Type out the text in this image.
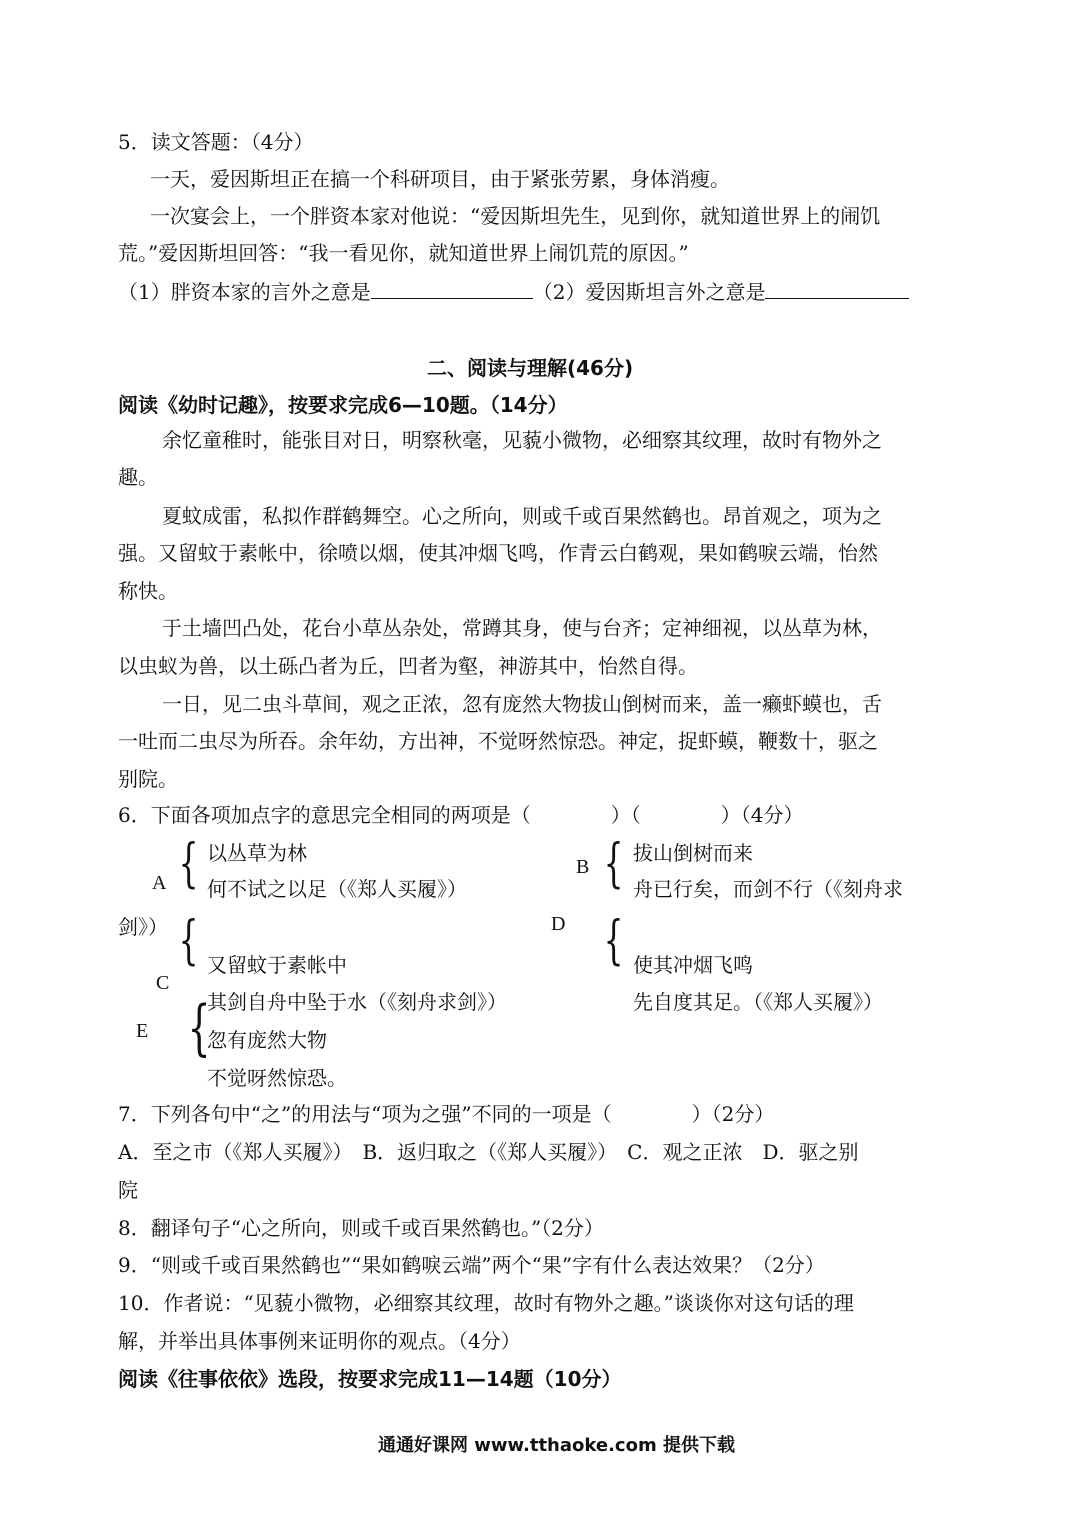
5．读文答题：（4分）
一天，爱因斯坦正在搞一个科研项目，由于紧张劳累，身体消瘦。
一次宴会上，一个胖资本家对他说：“爱因斯坦先生，见到你，就知道世界上的闹饥
荒。”爱因斯坦回答：“我一看见你，就知道世界上闹饥荒的原因。”
（1）胖资本家的言外之意是	（2）爱因斯坦言外之意是
二、阅读与理解(46分)
阅读《幼时记趣》，按要求完成6—10题。（14分）
余忆童稚时，能张目对日，明察秋毫，见藐小微物，必细察其纹理，故时有物外之
趣。
夏蚊成雷，私拟作群鹤舞空。心之所向，则或千或百果然鹤也。昂首观之，项为之
强。又留蚊于素帐中，徐喷以烟，使其冲烟飞鸣，作青云白鹤观，果如鹤唳云端，怡然
称快。
于土墙凹凸处，花台小草丛杂处，常蹲其身，使与台齐；定神细视，以丛草为林，
以虫蚁为兽，以土砾凸者为丘，凹者为壑，神游其中，怡然自得。
一日，见二虫斗草间，观之正浓，忽有庞然大物拔山倒树而来，盖一癞虾蟆也，舌
一吐而二虫尽为所吞。余年幼，方出神，不觉呀然惊恐。神定，捉虾蟆，鞭数十，驱之
别院。
6．下面各项加点字的意思完全相同的两项是（　　　　）（　　　　）（4分）
A { 以丛草为林
何不试之以足（《郑人买履》）
B { 拔山倒树而来
舟已行矣，而剑不行（《刻舟求
剑》） { 又留蚊于素帐中
C
其剑自舟中坠于水（《刻舟求剑》）
D { 使其冲烟飞鸣
先自度其足。（《郑人买履》）
E {
忽有庞然大物
不觉呀然惊恐。
7．下列各句中“之”的用法与“项为之强”不同的一项是（　　　　）（2分）
A．至之市（《郑人买履》）　B．返归取之（《郑人买履》）　C．观之正浓　D．驱之别
院
8．翻译句子“心之所向，则或千或百果然鹤也。”（2分）
9．“则或千或百果然鹤也”“果如鹤唳云端”两个“果”字有什么表达效果？（2分）
10．作者说：“见藐小微物，必细察其纹理，故时有物外之趣。”谈谈你对这句话的理
解，并举出具体事例来证明你的观点。（4分）
阅读《往事依依》选段，按要求完成11—14题（10分）
通通好课网 www.tthaoke.com 提供下载
